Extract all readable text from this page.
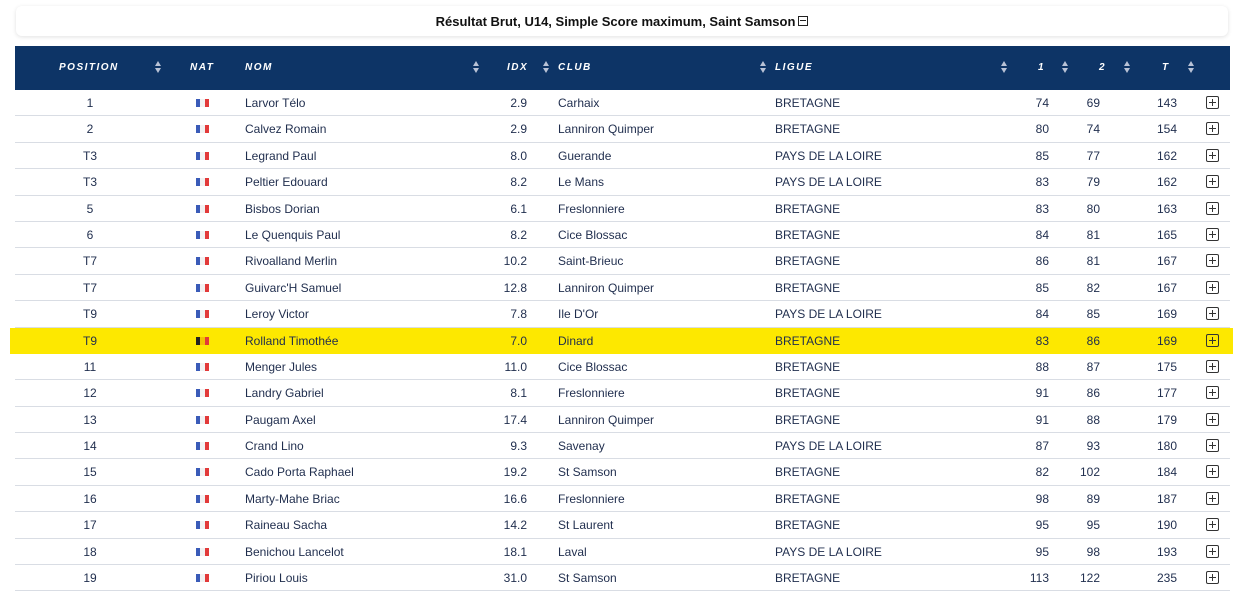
Résultat Brut, U14, Simple Score maximum, Saint Samson
POSITION	NAT	NOM	IDX	CLUB	LIGUE	1	2	T
1	Larvor Télo	2.9	Carhaix	BRETAGNE	74	69	143
2	Calvez Romain	2.9	Lanniron Quimper	BRETAGNE	80	74	154
T3	Legrand Paul	8.0	Guerande	PAYS DE LA LOIRE	85	77	162
T3	Peltier Edouard	8.2	Le Mans	PAYS DE LA LOIRE	83	79	162
5	Bisbos Dorian	6.1	Freslonniere	BRETAGNE	83	80	163
6	Le Quenquis Paul	8.2	Cice Blossac	BRETAGNE	84	81	165
T7	Rivoalland Merlin	10.2	Saint-Brieuc	BRETAGNE	86	81	167
T7	Guivarc'H Samuel	12.8	Lanniron Quimper	BRETAGNE	85	82	167
T9	Leroy Victor	7.8	Ile D'Or	PAYS DE LA LOIRE	84	85	169
T9	Rolland Timothée	7.0	Dinard	BRETAGNE	83	86	169
11	Menger Jules	11.0	Cice Blossac	BRETAGNE	88	87	175
12	Landry Gabriel	8.1	Freslonniere	BRETAGNE	91	86	177
13	Paugam Axel	17.4	Lanniron Quimper	BRETAGNE	91	88	179
14	Crand Lino	9.3	Savenay	PAYS DE LA LOIRE	87	93	180
15	Cado Porta Raphael	19.2	St Samson	BRETAGNE	82	102	184
16	Marty-Mahe Briac	16.6	Freslonniere	BRETAGNE	98	89	187
17	Raineau Sacha	14.2	St Laurent	BRETAGNE	95	95	190
18	Benichou Lancelot	18.1	Laval	PAYS DE LA LOIRE	95	98	193
19	Piriou Louis	31.0	St Samson	BRETAGNE	113	122	235
